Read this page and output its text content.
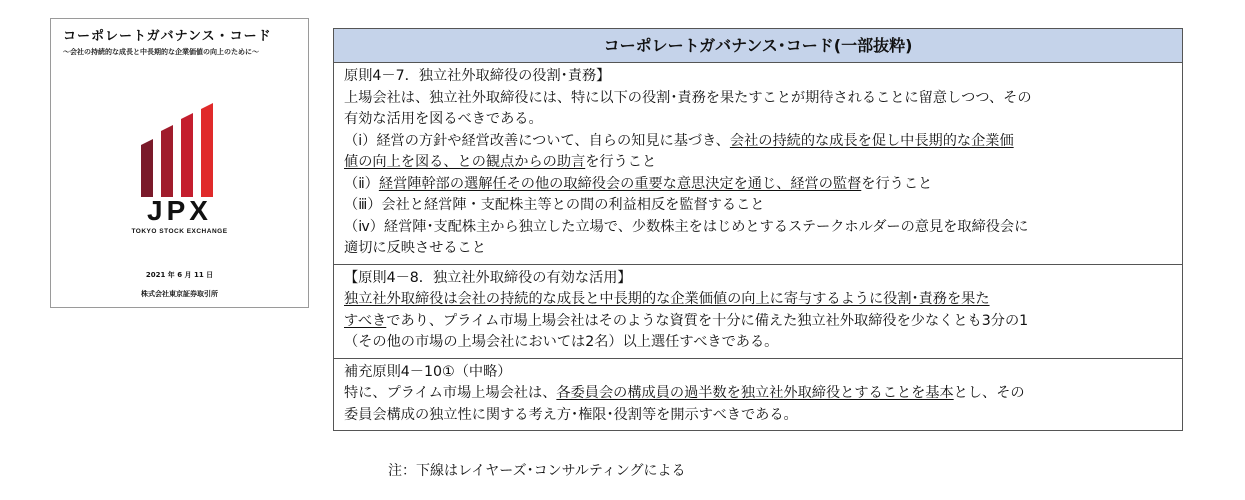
コーポレートガバナンス・コード
～会社の持続的な成長と中長期的な企業価値の向上のために～
JPX
TOKYO STOCK EXCHANGE
2021 年 6 月 11 日
株式会社東京証券取引所
コーポレートガバナンス･コード(一部抜粋)
原則4－7．独立社外取締役の役割･責務】
上場会社は、独立社外取締役には、特に以下の役割･責務を果たすことが期待されることに留意しつつ、その
有効な活用を図るべきである。
（ⅰ）経営の方針や経営改善について、自らの知見に基づき、会社の持続的な成長を促し中長期的な企業価
値の向上を図る、との観点からの助言を行うこと
（ⅱ）経営陣幹部の選解任その他の取締役会の重要な意思決定を通じ、経営の監督を行うこと
（ⅲ）会社と経営陣・支配株主等との間の利益相反を監督すること
（ⅳ）経営陣･支配株主から独立した立場で、少数株主をはじめとするステークホルダーの意見を取締役会に
適切に反映させること
【原則4－8．独立社外取締役の有効な活用】
独立社外取締役は会社の持続的な成長と中長期的な企業価値の向上に寄与するように役割･責務を果た
すべきであり、プライム市場上場会社はそのような資質を十分に備えた独立社外取締役を少なくとも3分の1
（その他の市場の上場会社においては2名）以上選任すべきである。
補充原則4－10①（中略）
特に、プライム市場上場会社は、各委員会の構成員の過半数を独立社外取締役とすることを基本とし、その
委員会構成の独立性に関する考え方･権限･役割等を開示すべきである。
注：下線はレイヤーズ･コンサルティングによる
